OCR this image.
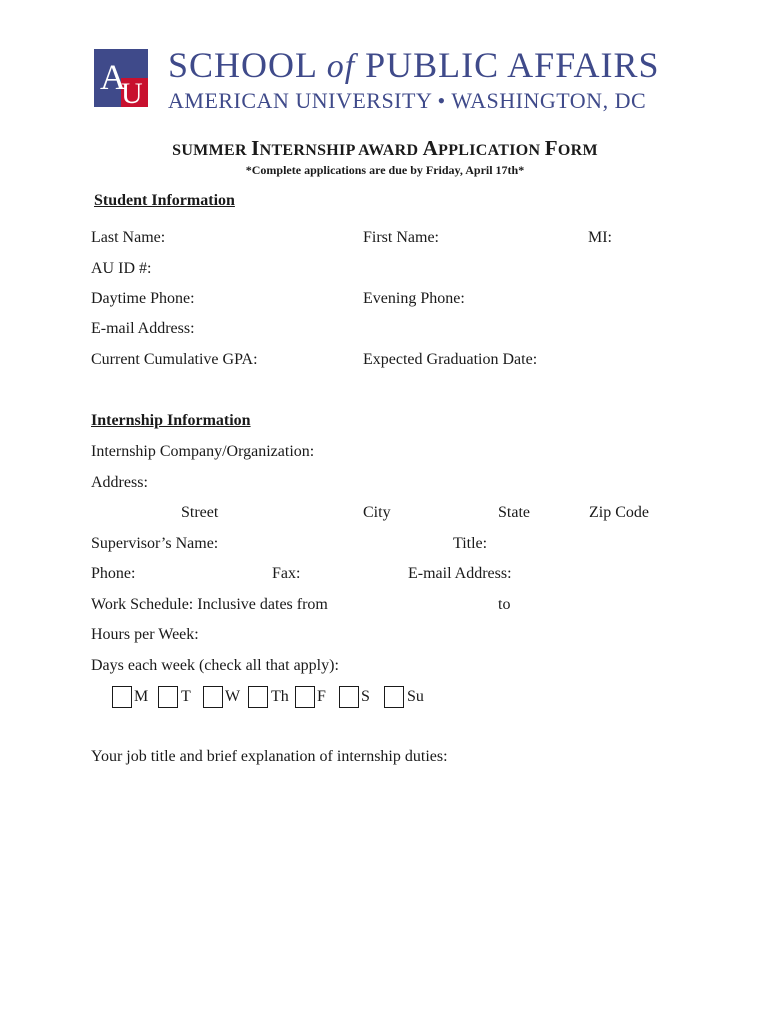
A
U
SCHOOL of PUBLIC AFFAIRS
AMERICAN UNIVERSITY • WASHINGTON, DC
SUMMER INTERNSHIP AWARD APPLICATION FORM
*Complete applications are due by Friday, April 17th*
Student Information
Last Name:	First Name:	MI:
AU ID #:
Daytime Phone:	Evening Phone:
E-mail Address:
Current Cumulative GPA:	Expected Graduation Date:
Internship Information
Internship Company/Organization:
Address:
Street	City	State	Zip Code
Supervisor’s Name:	Title:
Phone:	Fax:	E-mail Address:
Work Schedule: Inclusive dates from	to
Hours per Week:
Days each week (check all that apply):
M T W Th F S Su
Your job title and brief explanation of internship duties:
